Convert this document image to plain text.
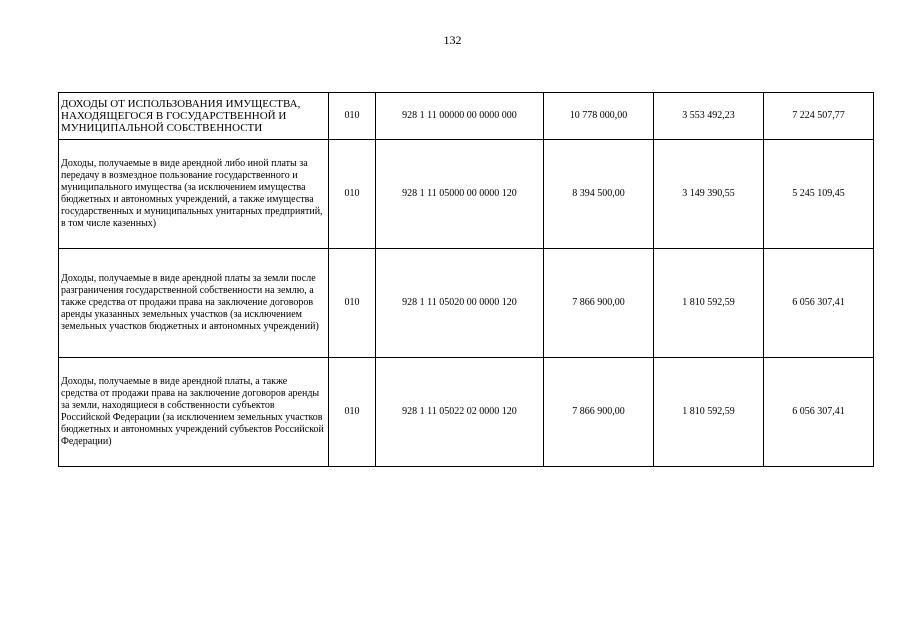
132
ДОХОДЫ ОТ ИСПОЛЬЗОВАНИЯ ИМУЩЕСТВА, НАХОДЯЩЕГОСЯ В ГОСУДАРСТВЕННОЙ И МУНИЦИПАЛЬНОЙ СОБСТВЕННОСТИ	010	928 1 11 00000 00 0000 000	10 778 000,00	3 553 492,23	7 224 507,77
Доходы, получаемые в виде арендной либо иной платы за передачу в возмездное пользование государственного и муниципального имущества (за исключением имущества бюджетных и автономных учреждений, а также имущества государственных и муниципальных унитарных предприятий, в том числе казенных)	010	928 1 11 05000 00 0000 120	8 394 500,00	3 149 390,55	5 245 109,45
Доходы, получаемые в виде арендной платы за земли после разграничения государственной собственности на землю, а также средства от продажи права на заключение договоров аренды указанных земельных участков (за исключением земельных участков бюджетных и автономных учреждений)	010	928 1 11 05020 00 0000 120	7 866 900,00	1 810 592,59	6 056 307,41
Доходы, получаемые в виде арендной платы, а также средства от продажи права на заключение договоров аренды за земли, находящиеся в собственности субъектов Российской Федерации (за исключением земельных участков бюджетных и автономных учреждений субъектов Российской Федерации)	010	928 1 11 05022 02 0000 120	7 866 900,00	1 810 592,59	6 056 307,41
